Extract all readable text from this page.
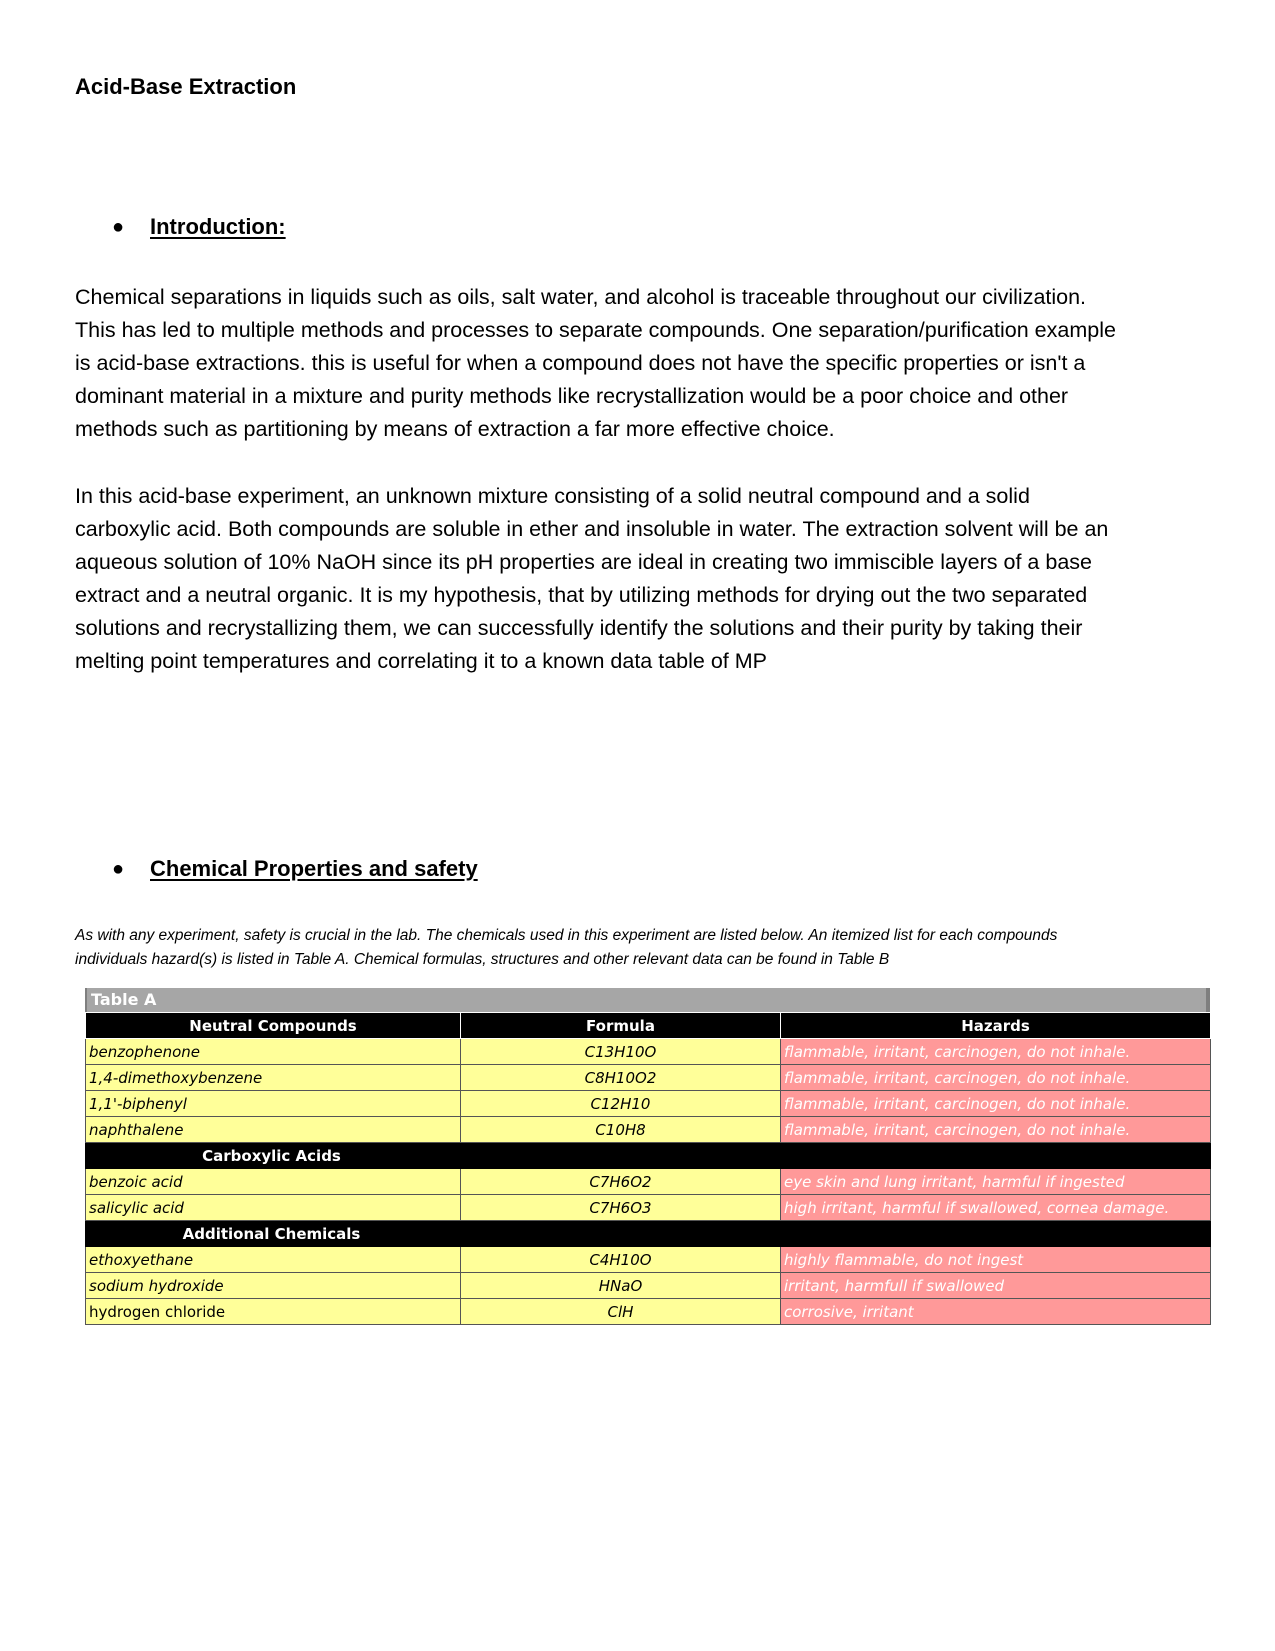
Acid-Base Extraction
●	Introduction:

Chemical separations in liquids such as oils, salt water, and alcohol is traceable throughout our civilization.
This has led to multiple methods and processes to separate compounds. One separation/purification example
is acid-base extractions. this is useful for when a compound does not have the specific properties or isn't a
dominant material in a mixture and purity methods like recrystallization would be a poor choice and other
methods such as partitioning by means of extraction a far more effective choice.

In this acid-base experiment, an unknown mixture consisting of a solid neutral compound and a solid
carboxylic acid. Both compounds are soluble in ether and insoluble in water. The extraction solvent will be an
aqueous solution of 10% NaOH since its pH properties are ideal in creating two immiscible layers of a base
extract and a neutral organic. It is my hypothesis, that by utilizing methods for drying out the two separated
solutions and recrystallizing them, we can successfully identify the solutions and their purity by taking their
melting point temperatures and correlating it to a known data table of MP

●	Chemical Properties and safety

As with any experiment, safety is crucial in the lab. The chemicals used in this experiment are listed below. An itemized list for each compounds
individuals hazard(s) is listed in Table A. Chemical formulas, structures and other relevant data can be found in Table B

Table A
Neutral Compounds	Formula	Hazards
benzophenone	C13H10O	flammable, irritant, carcinogen, do not inhale.
1,4-dimethoxybenzene	C8H10O2	flammable, irritant, carcinogen, do not inhale.
1,1'-biphenyl	C12H10	flammable, irritant, carcinogen, do not inhale.
naphthalene	C10H8	flammable, irritant, carcinogen, do not inhale.
Carboxylic Acids		
benzoic acid	C7H6O2	eye skin and lung irritant, harmful if ingested
salicylic acid	C7H6O3	high irritant, harmful if swallowed, cornea damage.
Additional Chemicals		
ethoxyethane	C4H10O	highly flammable, do not ingest
sodium hydroxide	HNaO	irritant, harmfull if swallowed
hydrogen chloride	ClH	corrosive, irritant
